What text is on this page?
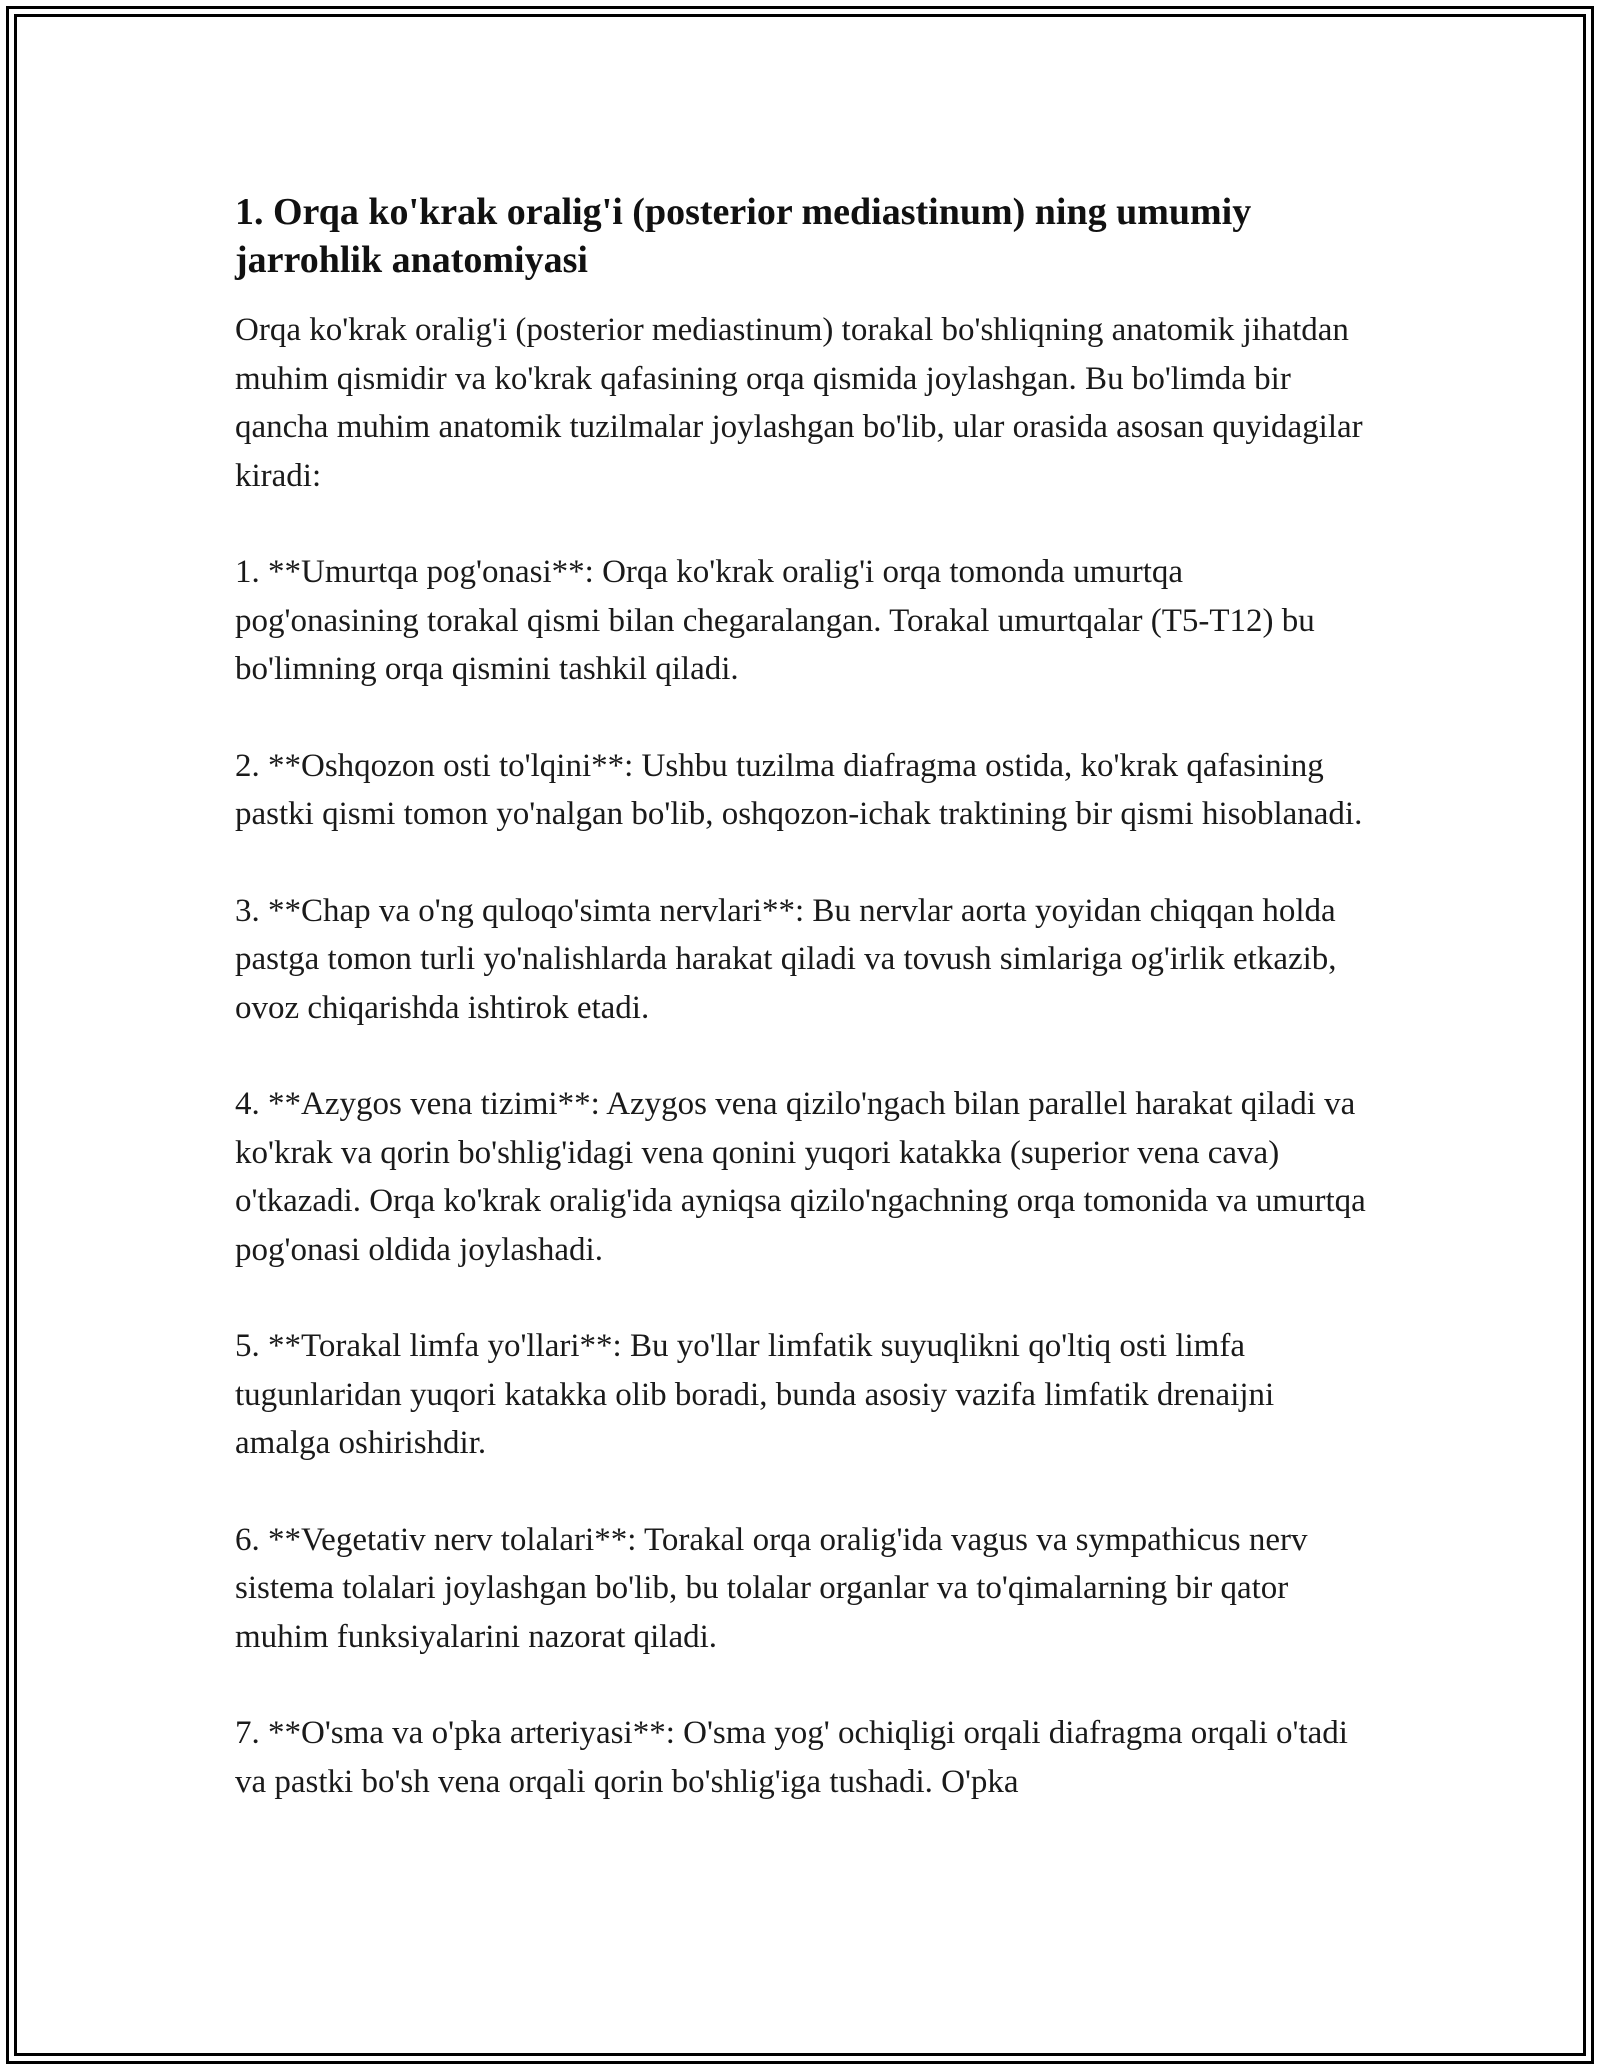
1. Orqa ko'krak oralig'i (posterior mediastinum) ning umumiy jarrohlik anatomiyasi

Orqa ko'krak oralig'i (posterior mediastinum) torakal bo'shliqning anatomik jihatdan muhim qismidir va ko'krak qafasining orqa qismida joylashgan. Bu bo'limda bir qancha muhim anatomik tuzilmalar joylashgan bo'lib, ular orasida asosan quyidagilar kiradi:

1. **Umurtqa pog'onasi**: Orqa ko'krak oralig'i orqa tomonda umurtqa pog'onasining torakal qismi bilan chegaralangan. Torakal umurtqalar (T5-T12) bu bo'limning orqa qismini tashkil qiladi.

2. **Oshqozon osti to'lqini**: Ushbu tuzilma diafragma ostida, ko'krak qafasining pastki qismi tomon yo'nalgan bo'lib, oshqozon-ichak traktining bir qismi hisoblanadi.

3. **Chap va o'ng quloqo'simta nervlari**: Bu nervlar aorta yoyidan chiqqan holda pastga tomon turli yo'nalishlarda harakat qiladi va tovush simlariga og'irlik etkazib, ovoz chiqarishda ishtirok etadi.

4. **Azygos vena tizimi**: Azygos vena qizilo'ngach bilan parallel harakat qiladi va ko'krak va qorin bo'shlig'idagi vena qonini yuqori katakka (superior vena cava) o'tkazadi. Orqa ko'krak oralig'ida ayniqsa qizilo'ngachning orqa tomonida va umurtqa pog'onasi oldida joylashadi.

5. **Torakal limfa yo'llari**: Bu yo'llar limfatik suyuqlikni qo'ltiq osti limfa tugunlaridan yuqori katakka olib boradi, bunda asosiy vazifa limfatik drenaijni amalga oshirishdir.

6. **Vegetativ nerv tolalari**: Torakal orqa oralig'ida vagus va sympathicus nerv sistema tolalari joylashgan bo'lib, bu tolalar organlar va to'qimalarning bir qator muhim funksiyalarini nazorat qiladi.

7. **O'sma va o'pka arteriyasi**: O'sma yog' ochiqligi orqali diafragma orqali o'tadi va pastki bo'sh vena orqali qorin bo'shlig'iga tushadi. O'pka
